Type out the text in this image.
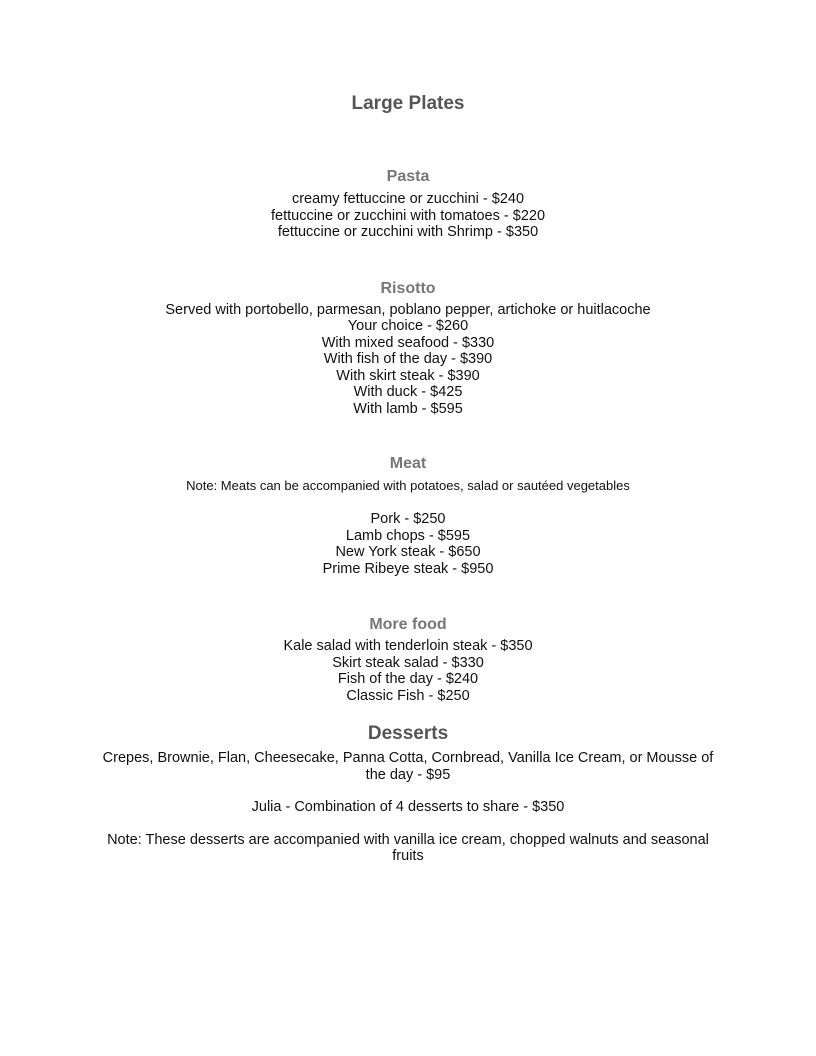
Large Plates
Pasta

creamy fettuccine or zucchini - $240

fettuccine or zucchini with tomatoes - $220

fettuccine or zucchini with Shrimp - $350

Risotto

Served with portobello, parmesan, poblano pepper, artichoke or huitlacoche

Your choice - $260

With mixed seafood - $330

With fish of the day - $390

With skirt steak - $390

With duck - $425

With lamb - $595

Meat

Note: Meats can be accompanied with potatoes, salad or sautéed vegetables

Pork - $250

Lamb chops - $595

New York steak - $650

Prime Ribeye steak - $950

More food

Kale salad with tenderloin steak - $350

Skirt steak salad - $330

Fish of the day - $240

Classic Fish - $250

Desserts

Crepes, Brownie, Flan, Cheesecake, Panna Cotta, Cornbread, Vanilla Ice Cream, or Mousse of the day - $95

Julia - Combination of 4 desserts to share - $350

Note: These desserts are accompanied with vanilla ice cream, chopped walnuts and seasonal fruits
